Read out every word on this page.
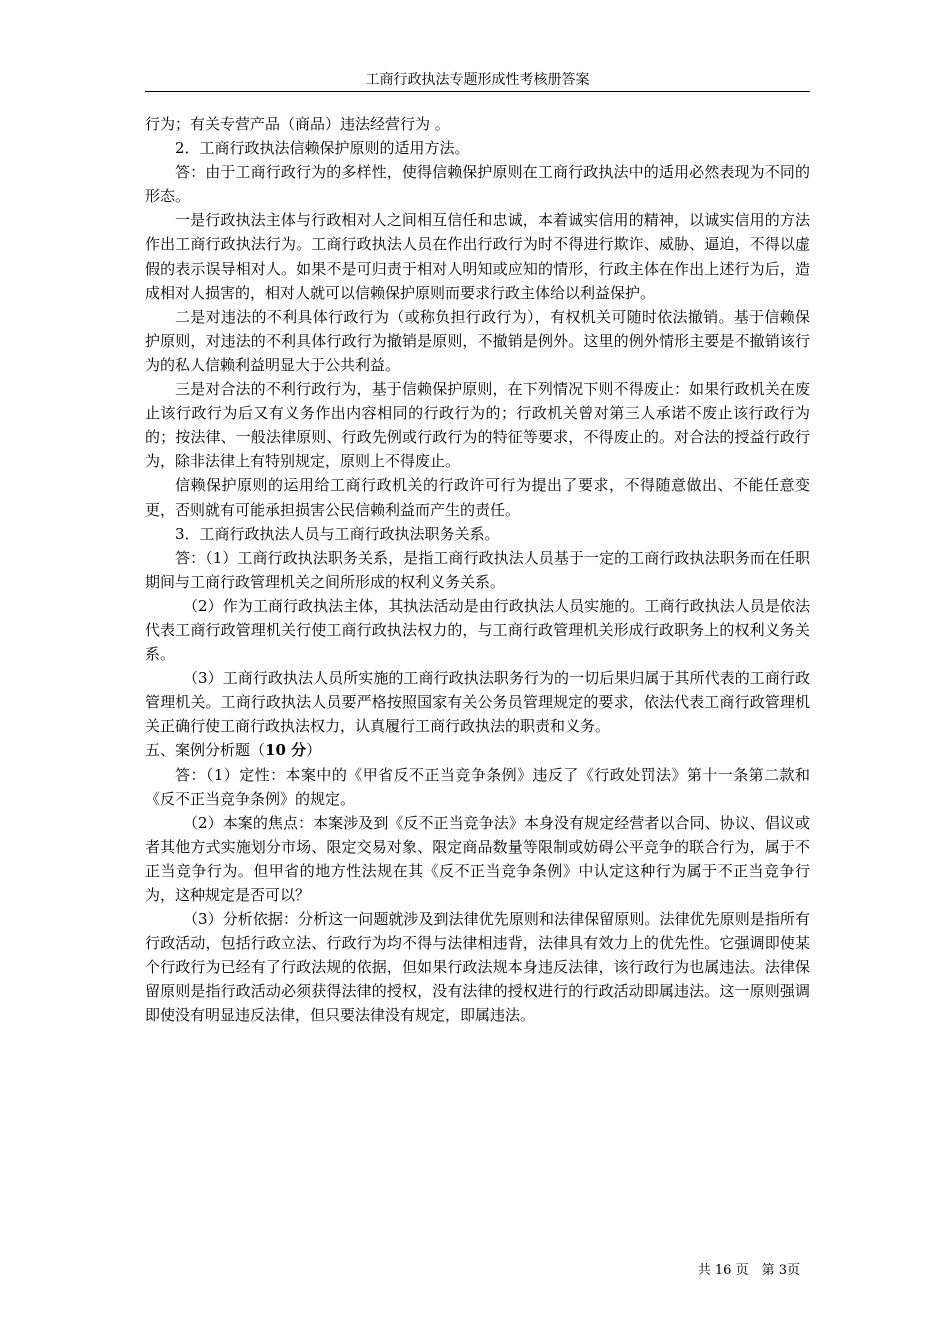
工商行政执法专题形成性考核册答案

行为；有关专营产品（商品）违法经营行为 。

2．工商行政执法信赖保护原则的适用方法。

答：由于工商行政行为的多样性，使得信赖保护原则在工商行政执法中的适用必然表现为不同的形态。

一是行政执法主体与行政相对人之间相互信任和忠诚，本着诚实信用的精神，以诚实信用的方法作出工商行政执法行为。工商行政执法人员在作出行政行为时不得进行欺诈、威胁、逼迫，不得以虚假的表示误导相对人。如果不是可归责于相对人明知或应知的情形，行政主体在作出上述行为后，造成相对人损害的，相对人就可以信赖保护原则而要求行政主体给以利益保护。

二是对违法的不利具体行政行为（或称负担行政行为），有权机关可随时依法撤销。基于信赖保护原则，对违法的不利具体行政行为撤销是原则，不撤销是例外。这里的例外情形主要是不撤销该行为的私人信赖利益明显大于公共利益。

三是对合法的不利行政行为，基于信赖保护原则，在下列情况下则不得废止：如果行政机关在废止该行政行为后又有义务作出内容相同的行政行为的；行政机关曾对第三人承诺不废止该行政行为的；按法律、一般法律原则、行政先例或行政行为的特征等要求，不得废止的。对合法的授益行政行为，除非法律上有特别规定，原则上不得废止。

信赖保护原则的运用给工商行政机关的行政许可行为提出了要求，不得随意做出、不能任意变更，否则就有可能承担损害公民信赖利益而产生的责任。

3．工商行政执法人员与工商行政执法职务关系。

答：（1）工商行政执法职务关系，是指工商行政执法人员基于一定的工商行政执法职务而在任职期间与工商行政管理机关之间所形成的权利义务关系。

（2）作为工商行政执法主体，其执法活动是由行政执法人员实施的。工商行政执法人员是依法代表工商行政管理机关行使工商行政执法权力的，与工商行政管理机关形成行政职务上的权利义务关系。

（3）工商行政执法人员所实施的工商行政执法职务行为的一切后果归属于其所代表的工商行政管理机关。工商行政执法人员要严格按照国家有关公务员管理规定的要求，依法代表工商行政管理机关正确行使工商行政执法权力，认真履行工商行政执法的职责和义务。

五、案例分析题（10 分）

答：（1）定性：本案中的《甲省反不正当竞争条例》违反了《行政处罚法》第十一条第二款和《反不正当竞争条例》的规定。

（2）本案的焦点：本案涉及到《反不正当竞争法》本身没有规定经营者以合同、协议、倡议或者其他方式实施划分市场、限定交易对象、限定商品数量等限制或妨碍公平竞争的联合行为，属于不正当竞争行为。但甲省的地方性法规在其《反不正当竞争条例》中认定这种行为属于不正当竞争行为，这种规定是否可以？

（3）分析依据：分析这一问题就涉及到法律优先原则和法律保留原则。法律优先原则是指所有行政活动，包括行政立法、行政行为均不得与法律相违背，法律具有效力上的优先性。它强调即使某个行政行为已经有了行政法规的依据，但如果行政法规本身违反法律，该行政行为也属违法。法律保留原则是指行政活动必须获得法律的授权，没有法律的授权进行的行政活动即属违法。这一原则强调即使没有明显违反法律，但只要法律没有规定，即属违法。

共 16 页　第 3页
